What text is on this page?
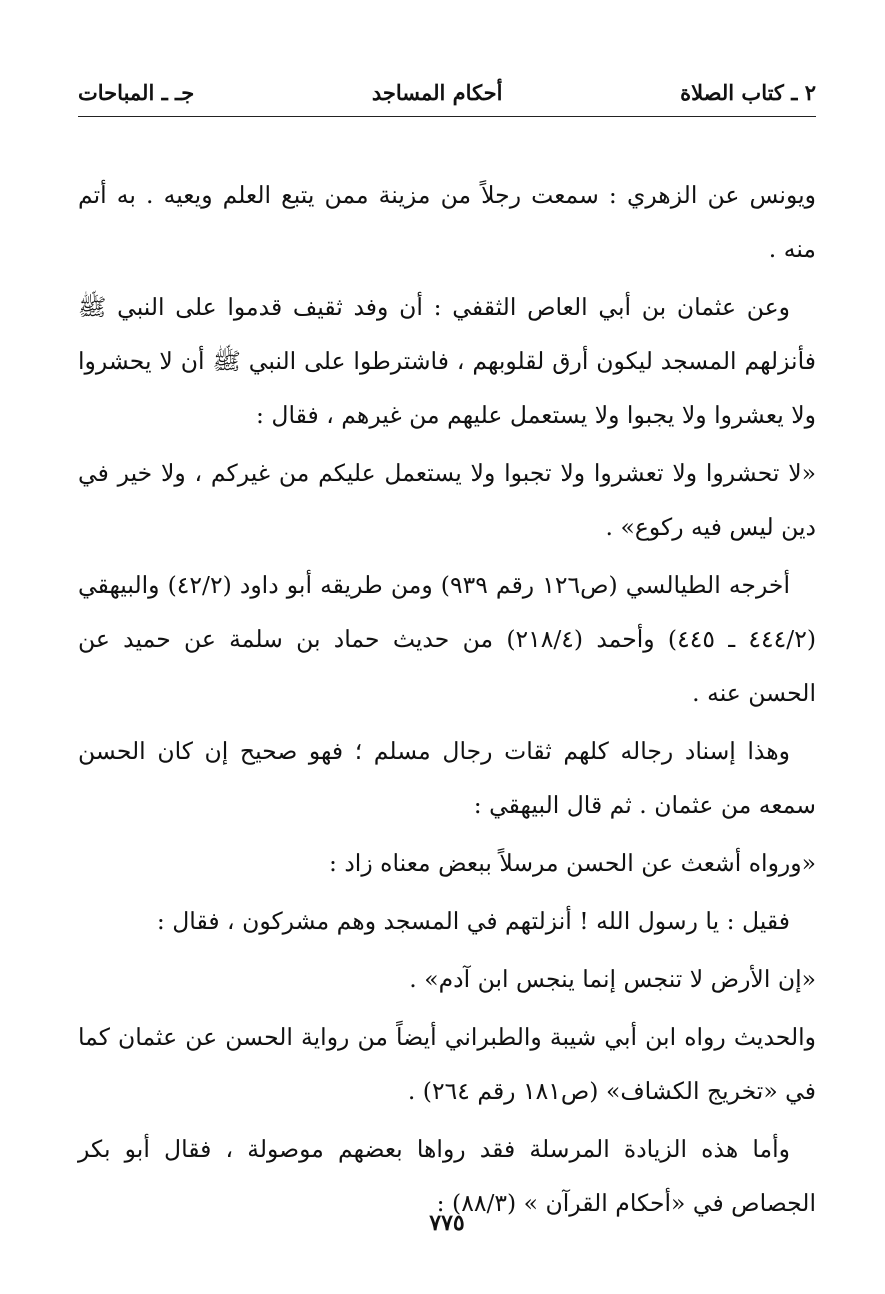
٢ ـ كتاب الصلاة
أحكام المساجد
جـ ـ المباحات

ويونس عن الزهري : سمعت رجلاً من مزينة ممن يتبع العلم ويعيه . به أتم منه .

وعن عثمان بن أبي العاص الثقفي : أن وفد ثقيف قدموا على النبي ﷺ فأنزلهم المسجد ليكون أرق لقلوبهم ، فاشترطوا على النبي ﷺ أن لا يحشروا ولا يعشروا ولا يجبوا ولا يستعمل عليهم من غيرهم ، فقال :

«لا تحشروا ولا تعشروا ولا تجبوا ولا يستعمل عليكم من غيركم ، ولا خير في دين ليس فيه ركوع» .

أخرجه الطيالسي (ص١٢٦ رقم ٩٣٩) ومن طريقه أبو داود (٤٢/٢) والبيهقي (٤٤٤/٢ ـ ٤٤٥) وأحمد (٢١٨/٤) من حديث حماد بن سلمة عن حميد عن الحسن عنه .

وهذا إسناد رجاله كلهم ثقات رجال مسلم ؛ فهو صحيح إن كان الحسن سمعه من عثمان . ثم قال البيهقي :

«ورواه أشعث عن الحسن مرسلاً ببعض معناه زاد :

فقيل : يا رسول الله ! أنزلتهم في المسجد وهم مشركون ، فقال :

«إن الأرض لا تنجس إنما ينجس ابن آدم» .

والحديث رواه ابن أبي شيبة والطبراني أيضاً من رواية الحسن عن عثمان كما في «تخريج الكشاف» (ص١٨١ رقم ٢٦٤) .

وأما هذه الزيادة المرسلة فقد رواها بعضهم موصولة ، فقال أبو بكر الجصاص في «أحكام القرآن » (٨٨/٣) :

٧٧٥
